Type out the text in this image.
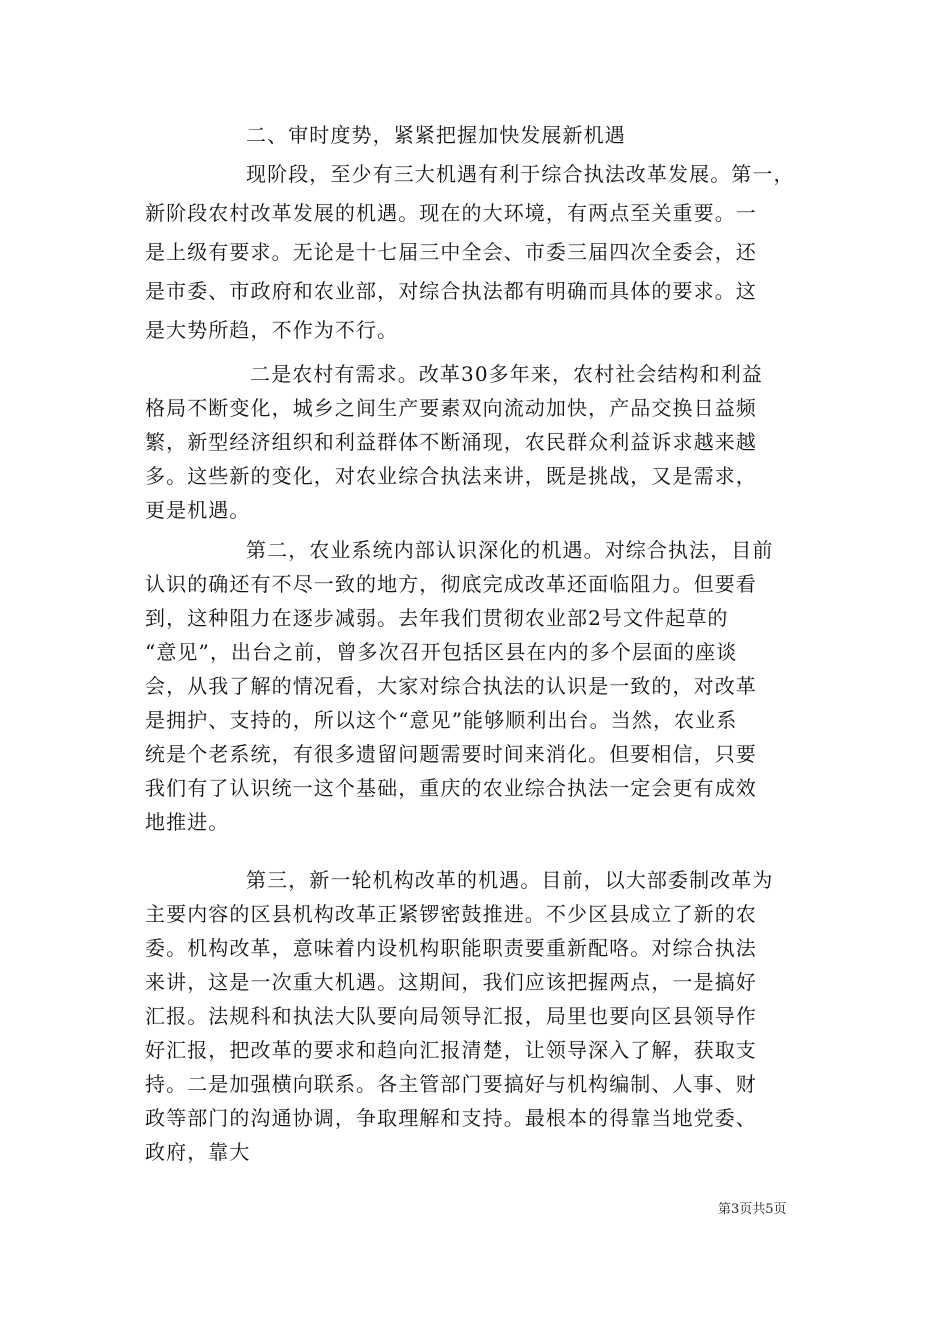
二、审时度势，紧紧把握加快发展新机遇
现阶段，至少有三大机遇有利于综合执法改革发展。第一，
新阶段农村改革发展的机遇。现在的大环境，有两点至关重要。一
是上级有要求。无论是十七届三中全会、市委三届四次全委会，还
是市委、市政府和农业部，对综合执法都有明确而具体的要求。这
是大势所趋，不作为不行。
二是农村有需求。改革30多年来，农村社会结构和利益
格局不断变化，城乡之间生产要素双向流动加快，产品交换日益频
繁，新型经济组织和利益群体不断涌现，农民群众利益诉求越来越
多。这些新的变化，对农业综合执法来讲，既是挑战，又是需求，
更是机遇。
第二，农业系统内部认识深化的机遇。对综合执法，目前
认识的确还有不尽一致的地方，彻底完成改革还面临阻力。但要看
到，这种阻力在逐步减弱。去年我们贯彻农业部2号文件起草的
“意见”，出台之前，曾多次召开包括区县在内的多个层面的座谈
会，从我了解的情况看，大家对综合执法的认识是一致的，对改革
是拥护、支持的，所以这个“意见”能够顺利出台。当然，农业系
统是个老系统，有很多遗留问题需要时间来消化。但要相信，只要
我们有了认识统一这个基础，重庆的农业综合执法一定会更有成效
地推进。
第三，新一轮机构改革的机遇。目前，以大部委制改革为
主要内容的区县机构改革正紧锣密鼓推进。不少区县成立了新的农
委。机构改革，意味着内设机构职能职责要重新配咯。对综合执法
来讲，这是一次重大机遇。这期间，我们应该把握两点，一是搞好
汇报。法规科和执法大队要向局领导汇报，局里也要向区县领导作
好汇报，把改革的要求和趋向汇报清楚，让领导深入了解，获取支
持。二是加强横向联系。各主管部门要搞好与机构编制、人事、财
政等部门的沟通协调，争取理解和支持。最根本的得靠当地党委、
政府，靠大
第3页共5页
